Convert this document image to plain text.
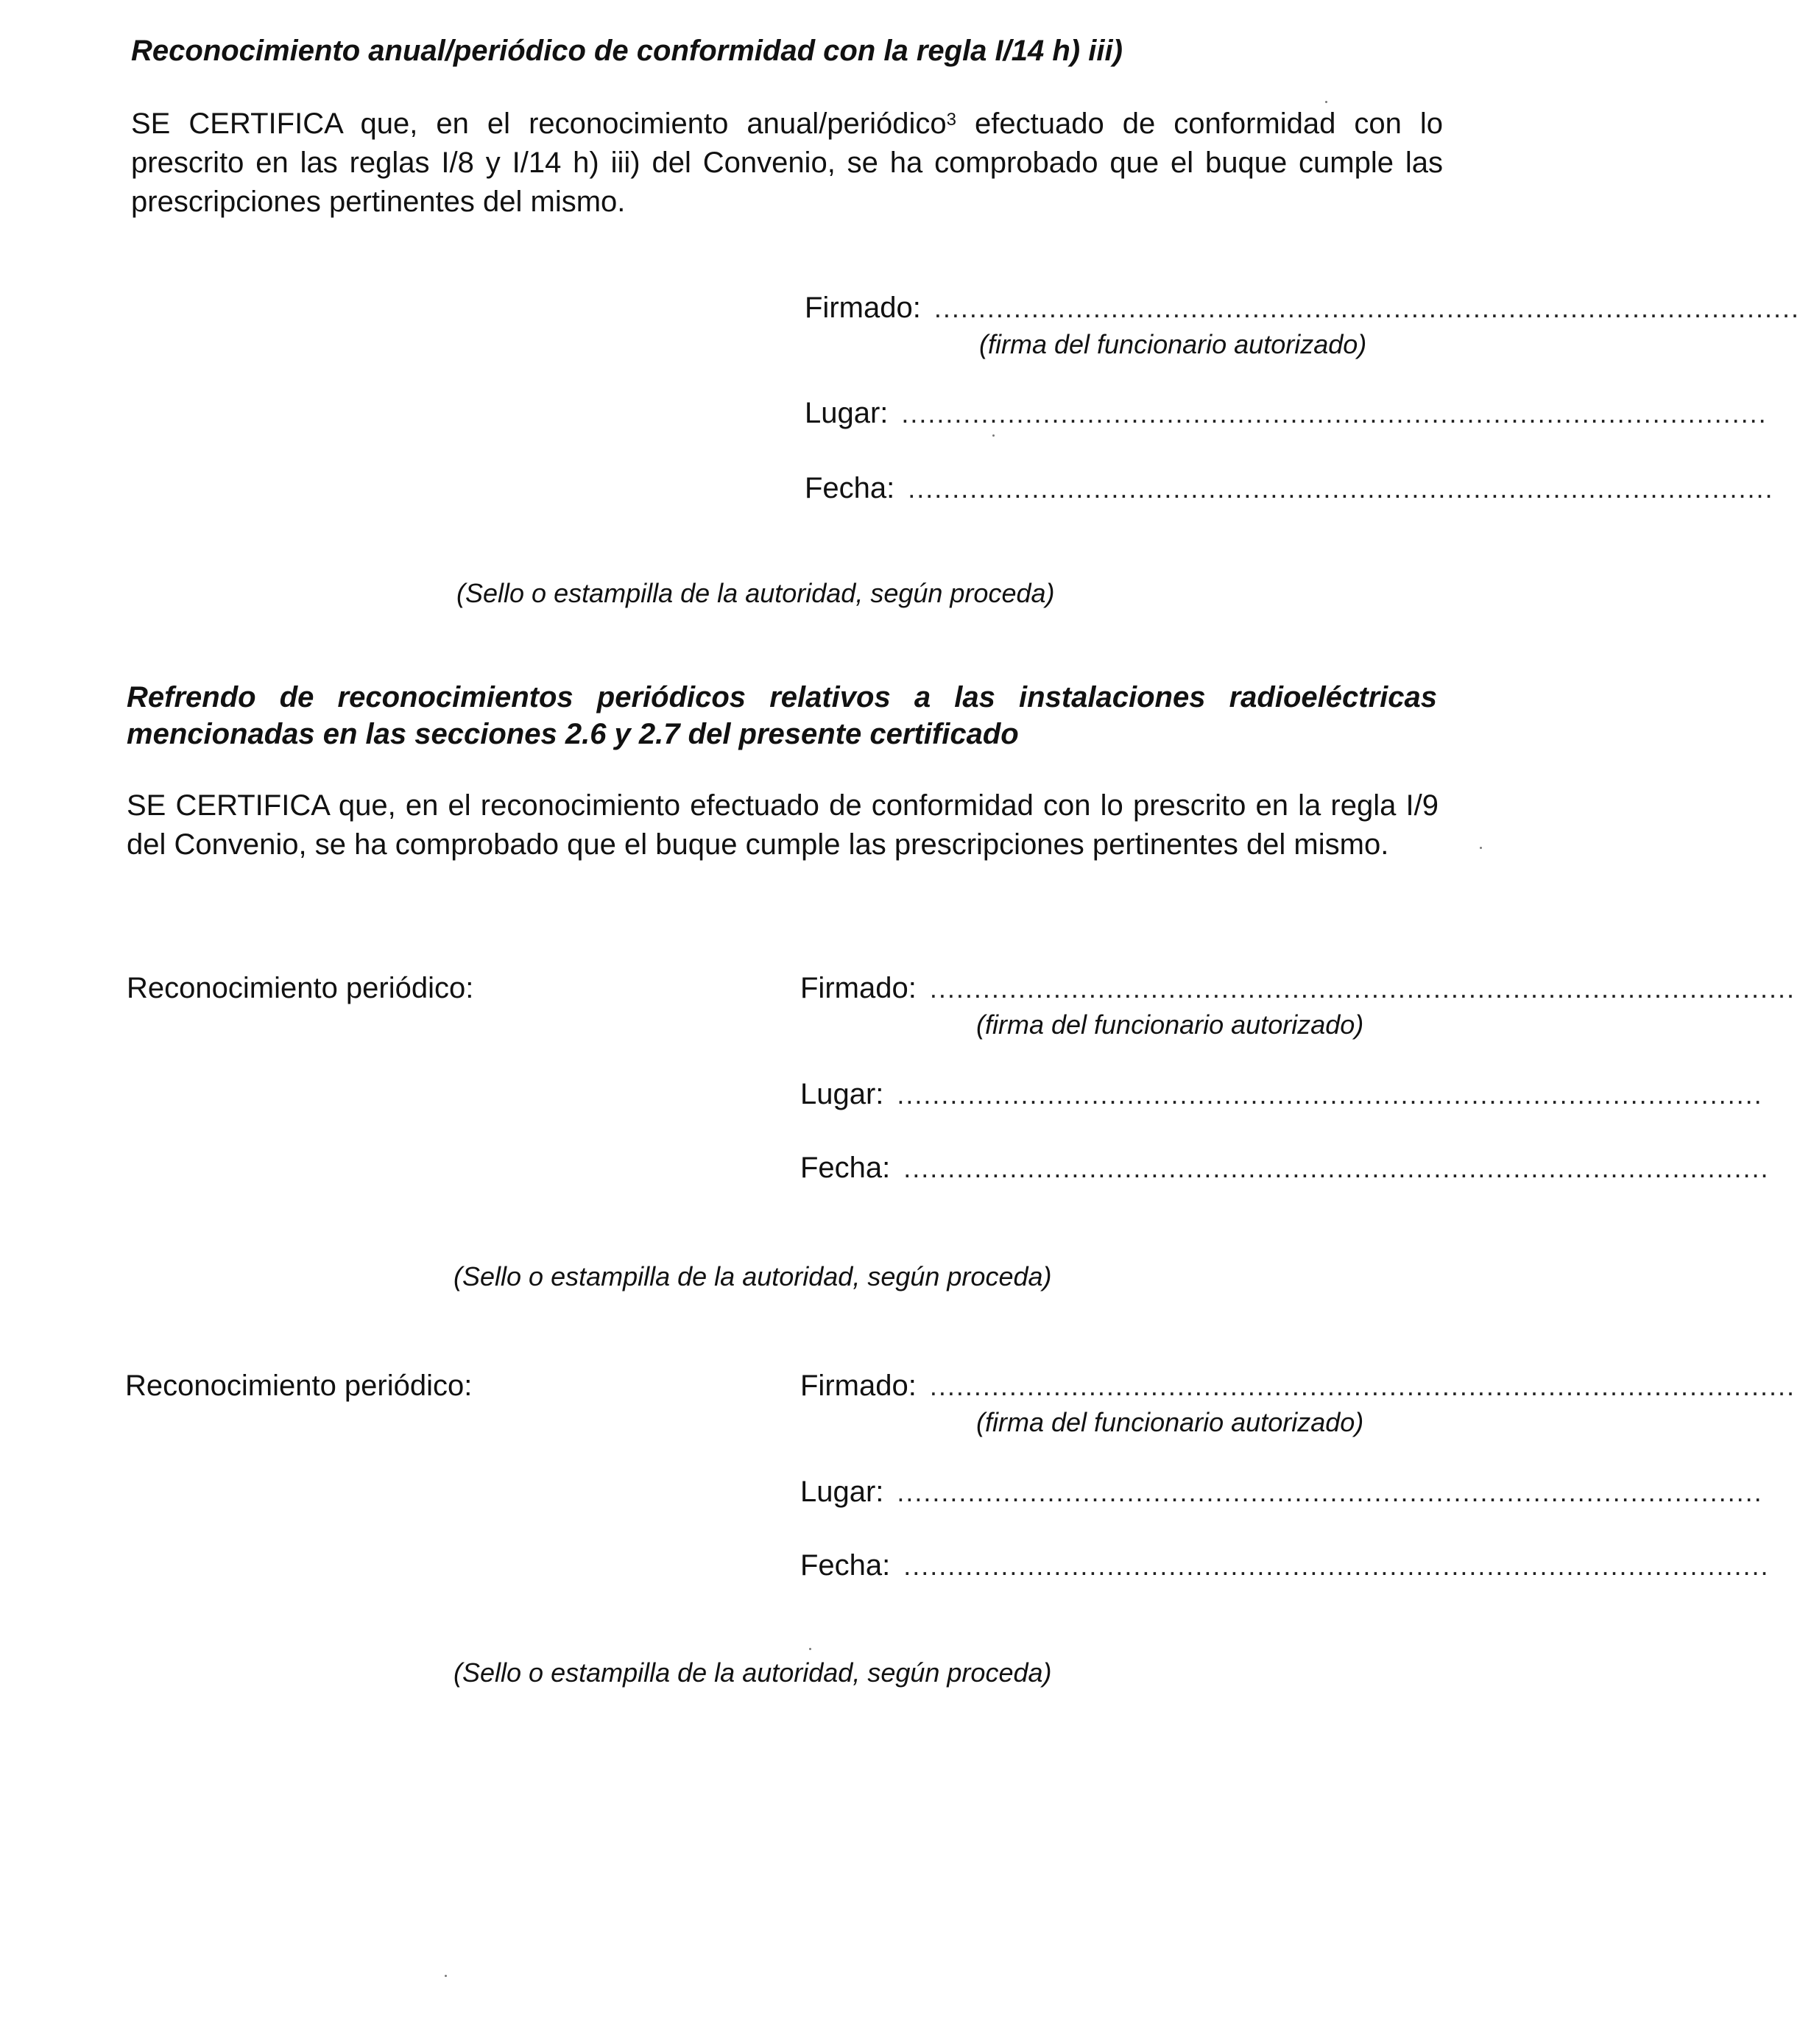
Reconocimiento anual/periódico de conformidad con la regla I/14 h) iii)

SE CERTIFICA que, en el reconocimiento anual/periódico$^3$ efectuado de conformidad con lo prescrito en las reglas I/8 y I/14 h) iii) del Convenio, se ha comprobado que el buque cumple las prescripciones pertinentes del mismo.

Firmado: ..................................................................................................
(firma del funcionario autorizado)
Lugar: ..................................................................................................
Fecha: ..................................................................................................
(Sello o estampilla de la autoridad, según proceda)
Refrendo de reconocimientos periódicos relativos a las instalaciones radioeléctricas
mencionadas en las secciones 2.6 y 2.7 del presente certificado

SE CERTIFICA que, en el reconocimiento efectuado de conformidad con lo prescrito en la regla I/9 del Convenio, se ha comprobado que el buque cumple las prescripciones pertinentes del mismo.

Reconocimiento periódico:	Firmado: ..................................................................................................
(firma del funcionario autorizado)
Lugar: ..................................................................................................
Fecha: ..................................................................................................
(Sello o estampilla de la autoridad, según proceda)
Reconocimiento periódico:	Firmado: ..................................................................................................
(firma del funcionario autorizado)
Lugar: ..................................................................................................
Fecha: ..................................................................................................
(Sello o estampilla de la autoridad, según proceda)
